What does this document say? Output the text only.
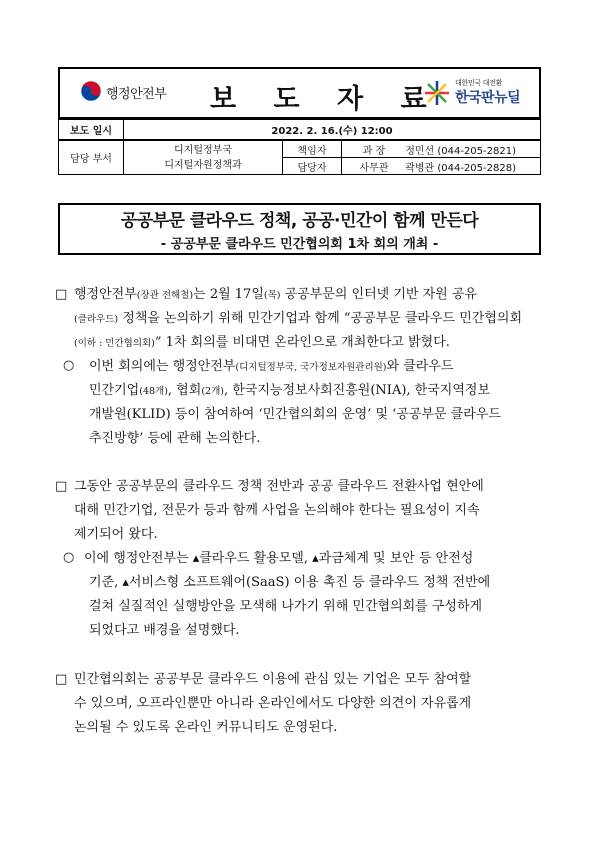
행정안전부 보 도 자 료
대한민국 대전환
한국판뉴딜
보도 일시	2022. 2. 16.(수) 12:00		
담당 부서	디지털정부국
디지털자원정책과	책임자	과 장 정민선 (044-205-2821)
		담당자	사무관 곽병관 (044-205-2828)
공공부문 클라우드 정책, 공공·민간이 함께 만든다
- 공공부문 클라우드 민간협의회 1차 회의 개최 -
□ 행정안전부(장관 전해철)는 2월 17일(목) 공공부문의 인터넷 기반 자원 공유
(클라우드) 정책을 논의하기 위해 민간기업과 함께 “공공부문 클라우드 민간협의회
(이하 : 민간협의회)” 1차 회의를 비대면 온라인으로 개최한다고 밝혔다.
○ 이번 회의에는 행정안전부(디지털정부국, 국가정보자원관리원)와 클라우드
민간기업(48개), 협회(2개), 한국지능정보사회진흥원(NIA), 한국지역정보
개발원(KLID) 등이 참여하여 ‘민간협의회의 운영’ 및 ‘공공부문 클라우드
추진방향’ 등에 관해 논의한다.
□ 그동안 공공부문의 클라우드 정책 전반과 공공 클라우드 전환사업 현안에
대해 민간기업, 전문가 등과 함께 사업을 논의해야 한다는 필요성이 지속
제기되어 왔다.
○ 이에 행정안전부는 ▴클라우드 활용모델, ▴과금체계 및 보안 등 안전성
기준, ▴서비스형 소프트웨어(SaaS) 이용 촉진 등 클라우드 정책 전반에
걸쳐 실질적인 실행방안을 모색해 나가기 위해 민간협의회를 구성하게
되었다고 배경을 설명했다.
□ 민간협의회는 공공부문 클라우드 이용에 관심 있는 기업은 모두 참여할
수 있으며, 오프라인뿐만 아니라 온라인에서도 다양한 의견이 자유롭게
논의될 수 있도록 온라인 커뮤니티도 운영된다.
